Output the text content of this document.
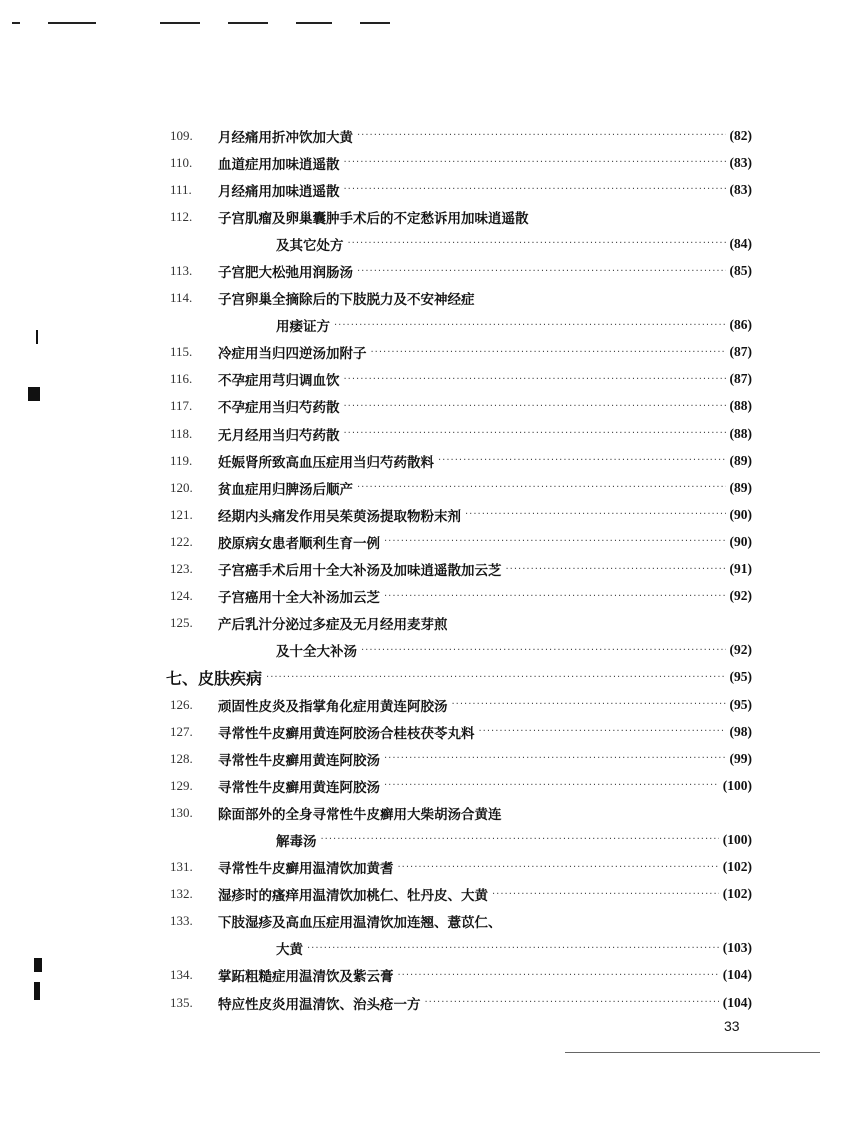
109.	月经痛用折冲饮加大黄 ·····	(82)
110.	血道症用加味逍遥散 ·····	(83)
111.	月经痛用加味逍遥散 ·····	(83)
112.	子宫肌瘤及卵巢囊肿手术后的不定愁诉用加味逍遥散
及其它处方 ·····	(84)
113.	子宫肥大松弛用润肠汤 ·····	(85)
114.	子宫卵巢全摘除后的下肢脱力及不安神经症
用痿证方 ·····	(86)
115.	冷症用当归四逆汤加附子 ·····	(87)
116.	不孕症用芎归调血饮 ·····	(87)
117.	不孕症用当归芍药散 ·····	(88)
118.	无月经用当归芍药散 ·····	(88)
119.	妊娠肾所致高血压症用当归芍药散料 ·····	(89)
120.	贫血症用归脾汤后顺产 ·····	(89)
121.	经期内头痛发作用吴茱萸汤提取物粉末剂 ·····	(90)
122.	胶原病女患者顺利生育一例 ·····	(90)
123.	子宫癌手术后用十全大补汤及加味逍遥散加云芝 ·····	(91)
124.	子宫癌用十全大补汤加云芝 ·····	(92)
125.	产后乳汁分泌过多症及无月经用麦芽煎
及十全大补汤 ·····	(92)
七、皮肤疾病 ·····	(95)
126.	顽固性皮炎及指掌角化症用黄连阿胶汤 ·····	(95)
127.	寻常性牛皮癣用黄连阿胶汤合桂枝茯苓丸料 ·····	(98)
128.	寻常性牛皮癣用黄连阿胶汤 ·····	(99)
129.	寻常性牛皮癣用黄连阿胶汤 ·····	(100)
130.	除面部外的全身寻常性牛皮癣用大柴胡汤合黄连
解毒汤 ·····	(100)
131.	寻常性牛皮癣用温清饮加黄耆 ·····	(102)
132.	湿疹时的瘙痒用温清饮加桃仁、牡丹皮、大黄 ·····	(102)
133.	下肢湿疹及高血压症用温清饮加连翘、薏苡仁、
大黄 ·····	(103)
134.	掌跖粗糙症用温清饮及紫云膏 ·····	(104)
135.	特应性皮炎用温清饮、治头疮一方 ·····	(104)
33
